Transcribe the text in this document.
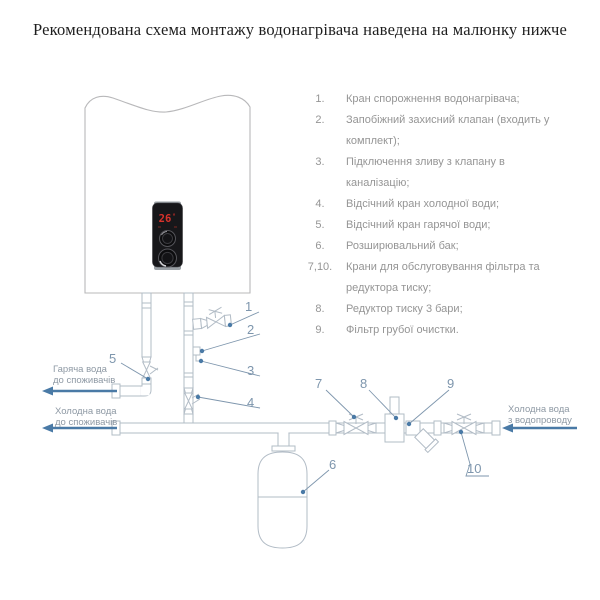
Рекомендована схема монтажу водонагрівача наведена на малюнку нижче
26 °
1
2
3
4
5
6
7	8	9
10
Гаряча вода
до споживачів
Холодна вода
до споживачів
Холодна вода
з водопроводу
1.	Кран спорожнення водонагрівача;
2.	Запобіжний захисний клапан (входить у комплект);
3.	Підключення зливу з клапану в каналізацію;
4.	Відсічний кран холодної води;
5.	Відсічний кран гарячої води;
6.	Розширювальний бак;
7,10.	Крани для обслуговування фільтра та редуктора тиску;
8.	Редуктор тиску 3 бари;
9.	Фільтр грубої очистки.
